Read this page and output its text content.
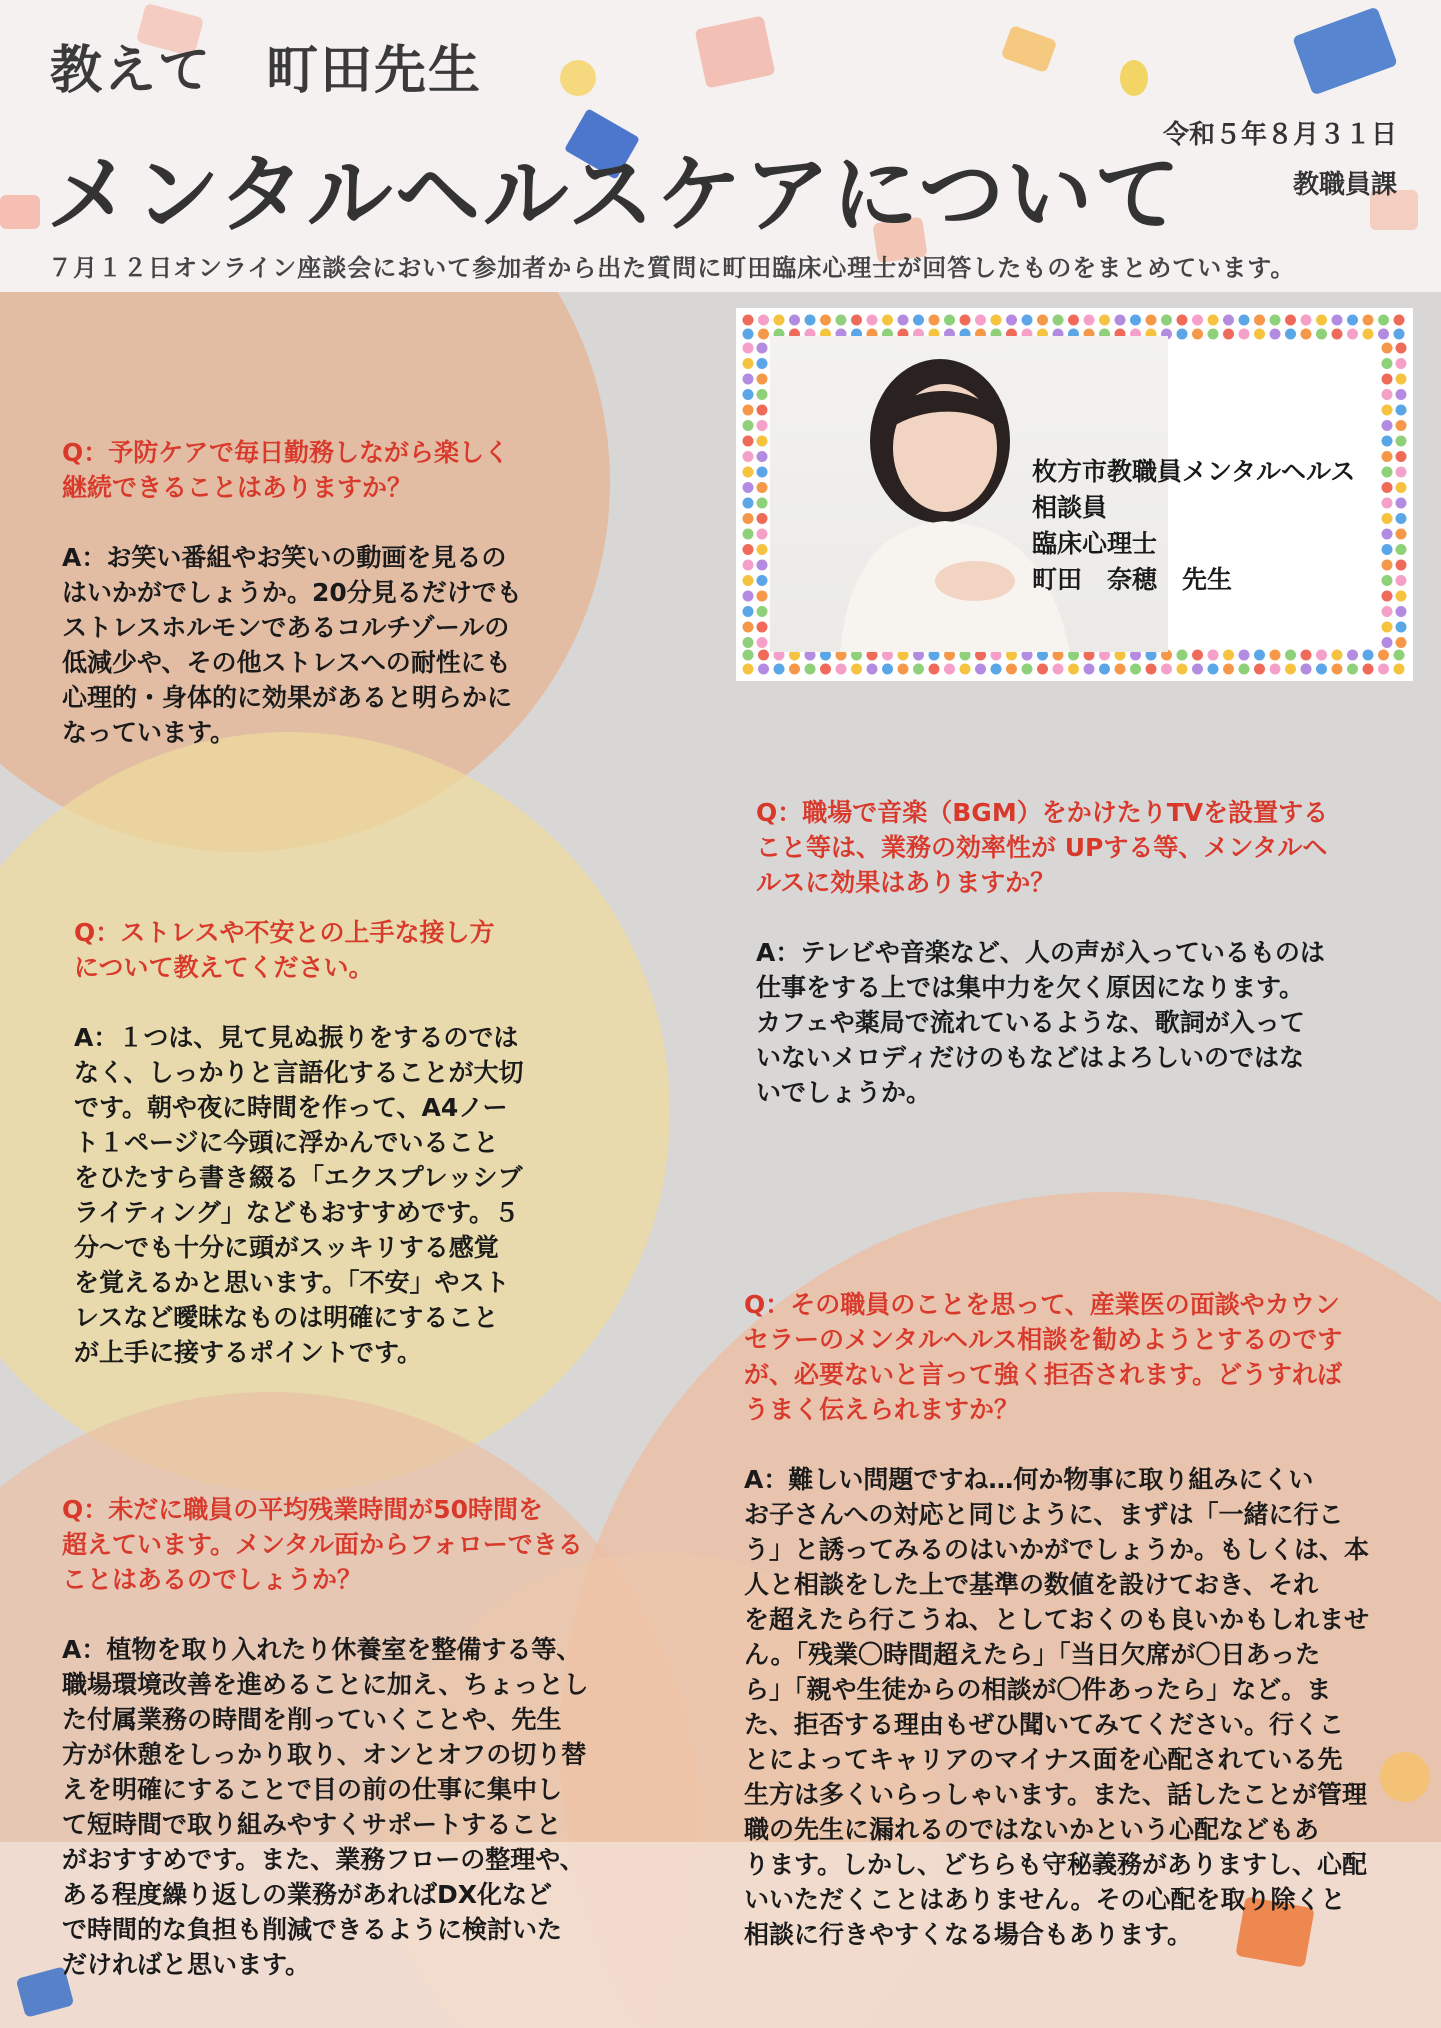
教えて　町田先生
メンタルヘルスケアについて
令和５年８月３１日
教職員課
７月１２日オンライン座談会において参加者から出た質問に町田臨床心理士が回答したものをまとめています。
枚方市教職員メンタルヘルス
相談員
臨床心理士
町田　奈穂　先生
Q：予防ケアで毎日勤務しながら楽しく
継続できることはありますか？
A：お笑い番組やお笑いの動画を見るの
はいかがでしょうか。20分見るだけでも
ストレスホルモンであるコルチゾールの
低減少や、その他ストレスへの耐性にも
心理的・身体的に効果があると明らかに
なっています。
Q：ストレスや不安との上手な接し方
について教えてください。
A：１つは、見て見ぬ振りをするのでは
なく、しっかりと言語化することが大切
です。朝や夜に時間を作って、A4ノー
ト１ページに今頭に浮かんでいること
をひたすら書き綴る「エクスプレッシブ
ライティング」などもおすすめです。５
分～でも十分に頭がスッキリする感覚
を覚えるかと思います。「不安」やスト
レスなど曖昧なものは明確にすること
が上手に接するポイントです。
Q：未だに職員の平均残業時間が50時間を
超えています。メンタル面からフォローできる
ことはあるのでしょうか？
A：植物を取り入れたり休養室を整備する等、
職場環境改善を進めることに加え、ちょっとし
た付属業務の時間を削っていくことや、先生
方が休憩をしっかり取り、オンとオフの切り替
えを明確にすることで目の前の仕事に集中し
て短時間で取り組みやすくサポートすること
がおすすめです。また、業務フローの整理や、
ある程度繰り返しの業務があればDX化など
で時間的な負担も削減できるように検討いた
だければと思います。
Q：職場で音楽（BGM）をかけたりTVを設置する
こと等は、業務の効率性が UPする等、メンタルヘ
ルスに効果はありますか？
A：テレビや音楽など、人の声が入っているものは
仕事をする上では集中力を欠く原因になります。
カフェや薬局で流れているような、歌詞が入って
いないメロディだけのもなどはよろしいのではな
いでしょうか。
Q：その職員のことを思って、産業医の面談やカウン
セラーのメンタルヘルス相談を勧めようとするのです
が、必要ないと言って強く拒否されます。どうすれば
うまく伝えられますか？
A：難しい問題ですね…何か物事に取り組みにくい
お子さんへの対応と同じように、まずは「一緒に行こ
う」と誘ってみるのはいかがでしょうか。もしくは、本
人と相談をした上で基準の数値を設けておき、それ
を超えたら行こうね、としておくのも良いかもしれませ
ん。「残業〇時間超えたら」「当日欠席が〇日あった
ら」「親や生徒からの相談が〇件あったら」など。ま
た、拒否する理由もぜひ聞いてみてください。行くこ
とによってキャリアのマイナス面を心配されている先
生方は多くいらっしゃいます。また、話したことが管理
職の先生に漏れるのではないかという心配などもあ
ります。しかし、どちらも守秘義務がありますし、心配
いいただくことはありません。その心配を取り除くと
相談に行きやすくなる場合もあります。
